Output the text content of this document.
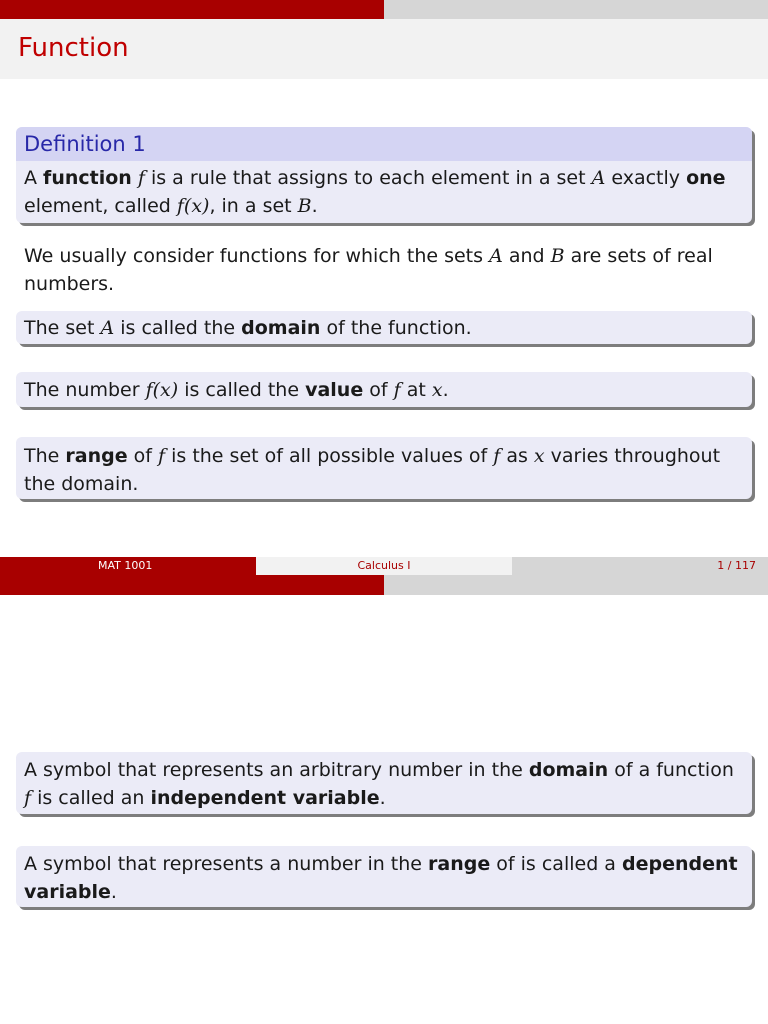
Function
Definition 1
A function f is a rule that assigns to each element in a set A exactly one
element, called f(x), in a set B.
We usually consider functions for which the sets A and B are sets of real
numbers.
The set A is called the domain of the function.
The number f(x) is called the value of f at x.
The range of f is the set of all possible values of f as x varies throughout
the domain.
MAT 1001	Calculus I	1 / 117
A symbol that represents an arbitrary number in the domain of a function
f is called an independent variable.
A symbol that represents a number in the range of is called a dependent
variable.
